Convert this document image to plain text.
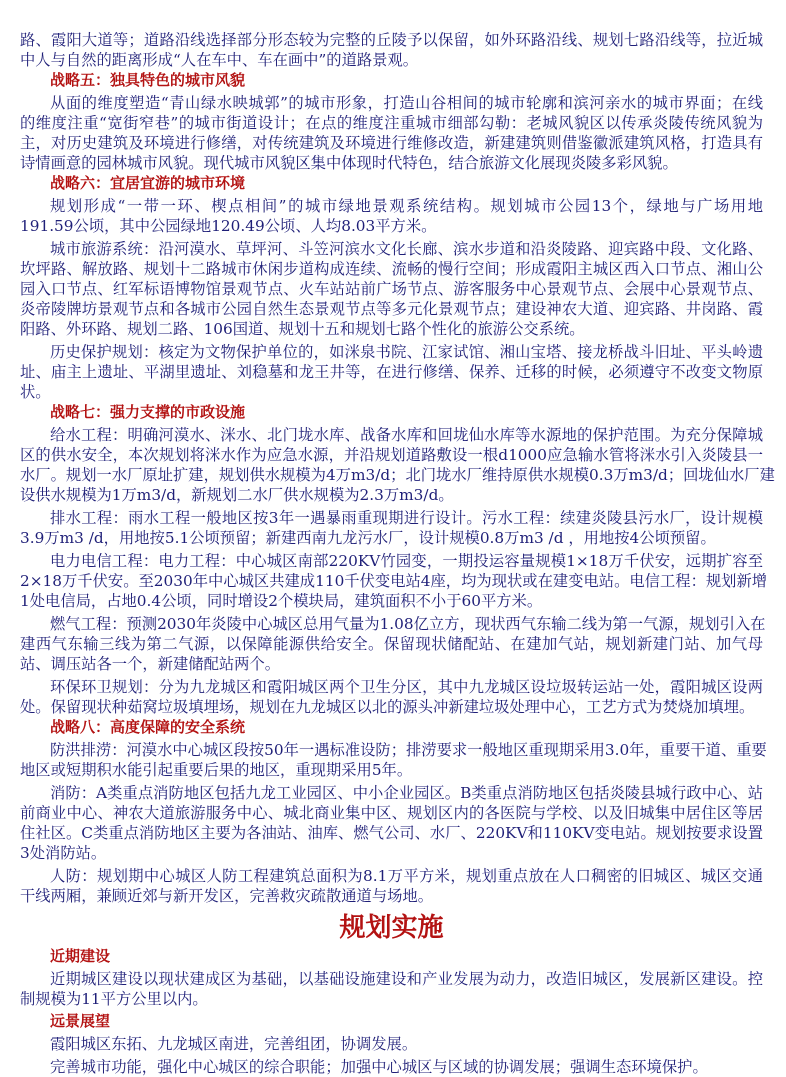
路、霞阳大道等；道路沿线选择部分形态较为完整的丘陵予以保留，如外环路沿线、规划七路沿线等，拉近城
中人与自然的距离形成“人在车中、车在画中”的道路景观。
战略五：独具特色的城市风貌
从面的维度塑造“青山绿水映城郭”的城市形象，打造山谷相间的城市轮廓和滨河亲水的城市界面；在线
的维度注重“宽街窄巷”的城市街道设计；在点的维度注重城市细部勾勒：老城风貌区以传承炎陵传统风貌为
主，对历史建筑及环境进行修缮，对传统建筑及环境进行维修改造，新建建筑则借鉴徽派建筑风格，打造具有
诗情画意的园林城市风貌。现代城市风貌区集中体现时代特色，结合旅游文化展现炎陵多彩风貌。
战略六：宜居宜游的城市环境
规划形成“一带一环、楔点相间”的城市绿地景观系统结构。规划城市公园13个，绿地与广场用地
191.59公顷，其中公园绿地120.49公顷、人均8.03平方米。
城市旅游系统：沿河漠水、草坪河、斗笠河滨水文化长廊、滨水步道和沿炎陵路、迎宾路中段、文化路、
坎坪路、解放路、规划十二路城市休闲步道构成连续、流畅的慢行空间；形成霞阳主城区西入口节点、湘山公
园入口节点、红军标语博物馆景观节点、火车站站前广场节点、游客服务中心景观节点、会展中心景观节点、
炎帝陵牌坊景观节点和各城市公园自然生态景观节点等多元化景观节点；建设神农大道、迎宾路、井岗路、霞
阳路、外环路、规划二路、106国道、规划十五和规划七路个性化的旅游公交系统。
历史保护规划：核定为文物保护单位的，如洣泉书院、江家试馆、湘山宝塔、接龙桥战斗旧址、平头岭遗
址、庙主上遗址、平湖里遗址、刘稳墓和龙王井等，在进行修缮、保养、迁移的时候，必须遵守不改变文物原
状。
战略七：强力支撑的市政设施
给水工程：明确河漠水、洣水、北门垅水库、战备水库和回垅仙水库等水源地的保护范围。为充分保障城
区的供水安全，本次规划将洣水作为应急水源，并沿规划道路敷设一根d1000应急输水管将洣水引入炎陵县一
水厂。规划一水厂原址扩建，规划供水规模为4万m3/d；北门垅水厂维持原供水规模0.3万m3/d；回垅仙水厂建
设供水规模为1万m3/d，新规划二水厂供水规模为2.3万m3/d。
排水工程：雨水工程一般地区按3年一遇暴雨重现期进行设计。污水工程：续建炎陵县污水厂，设计规模
3.9万m3 /d，用地按5.1公顷预留；新建西南九龙污水厂，设计规模0.8万m3 /d ，用地按4公顷预留。
电力电信工程：电力工程：中心城区南部220KV竹园变，一期投运容量规模1×18万千伏安，远期扩容至
2×18万千伏安。至2030年中心城区共建成110千伏变电站4座，均为现状或在建变电站。电信工程：规划新增
1处电信局，占地0.4公顷，同时增设2个模块局，建筑面积不小于60平方米。
燃气工程：预测2030年炎陵中心城区总用气量为1.08亿立方，现状西气东输二线为第一气源，规划引入在
建西气东输三线为第二气源，以保障能源供给安全。保留现状储配站、在建加气站，规划新建门站、加气母
站、调压站各一个，新建储配站两个。
环保环卫规划：分为九龙城区和霞阳城区两个卫生分区，其中九龙城区设垃圾转运站一处，霞阳城区设两
处。保留现状种茹窝垃圾填埋场，规划在九龙城区以北的源头冲新建垃圾处理中心，工艺方式为焚烧加填埋。
战略八：高度保障的安全系统
防洪排涝：河漠水中心城区段按50年一遇标准设防；排涝要求一般地区重现期采用3.0年，重要干道、重要
地区或短期积水能引起重要后果的地区，重现期采用5年。
消防：A类重点消防地区包括九龙工业园区、中小企业园区。B类重点消防地区包括炎陵县城行政中心、站
前商业中心、神农大道旅游服务中心、城北商业集中区、规划区内的各医院与学校、以及旧城集中居住区等居
住社区。C类重点消防地区主要为各油站、油库、燃气公司、水厂、220KV和110KV变电站。规划按要求设置
3处消防站。
人防：规划期中心城区人防工程建筑总面积为8.1万平方米，规划重点放在人口稠密的旧城区、城区交通
干线两厢，兼顾近郊与新开发区，完善救灾疏散通道与场地。
规划实施
近期建设
近期城区建设以现状建成区为基础，以基础设施建设和产业发展为动力，改造旧城区，发展新区建设。控
制规模为11平方公里以内。
远景展望
霞阳城区东拓、九龙城区南进，完善组团，协调发展。
完善城市功能，强化中心城区的综合职能；加强中心城区与区域的协调发展；强调生态环境保护。
